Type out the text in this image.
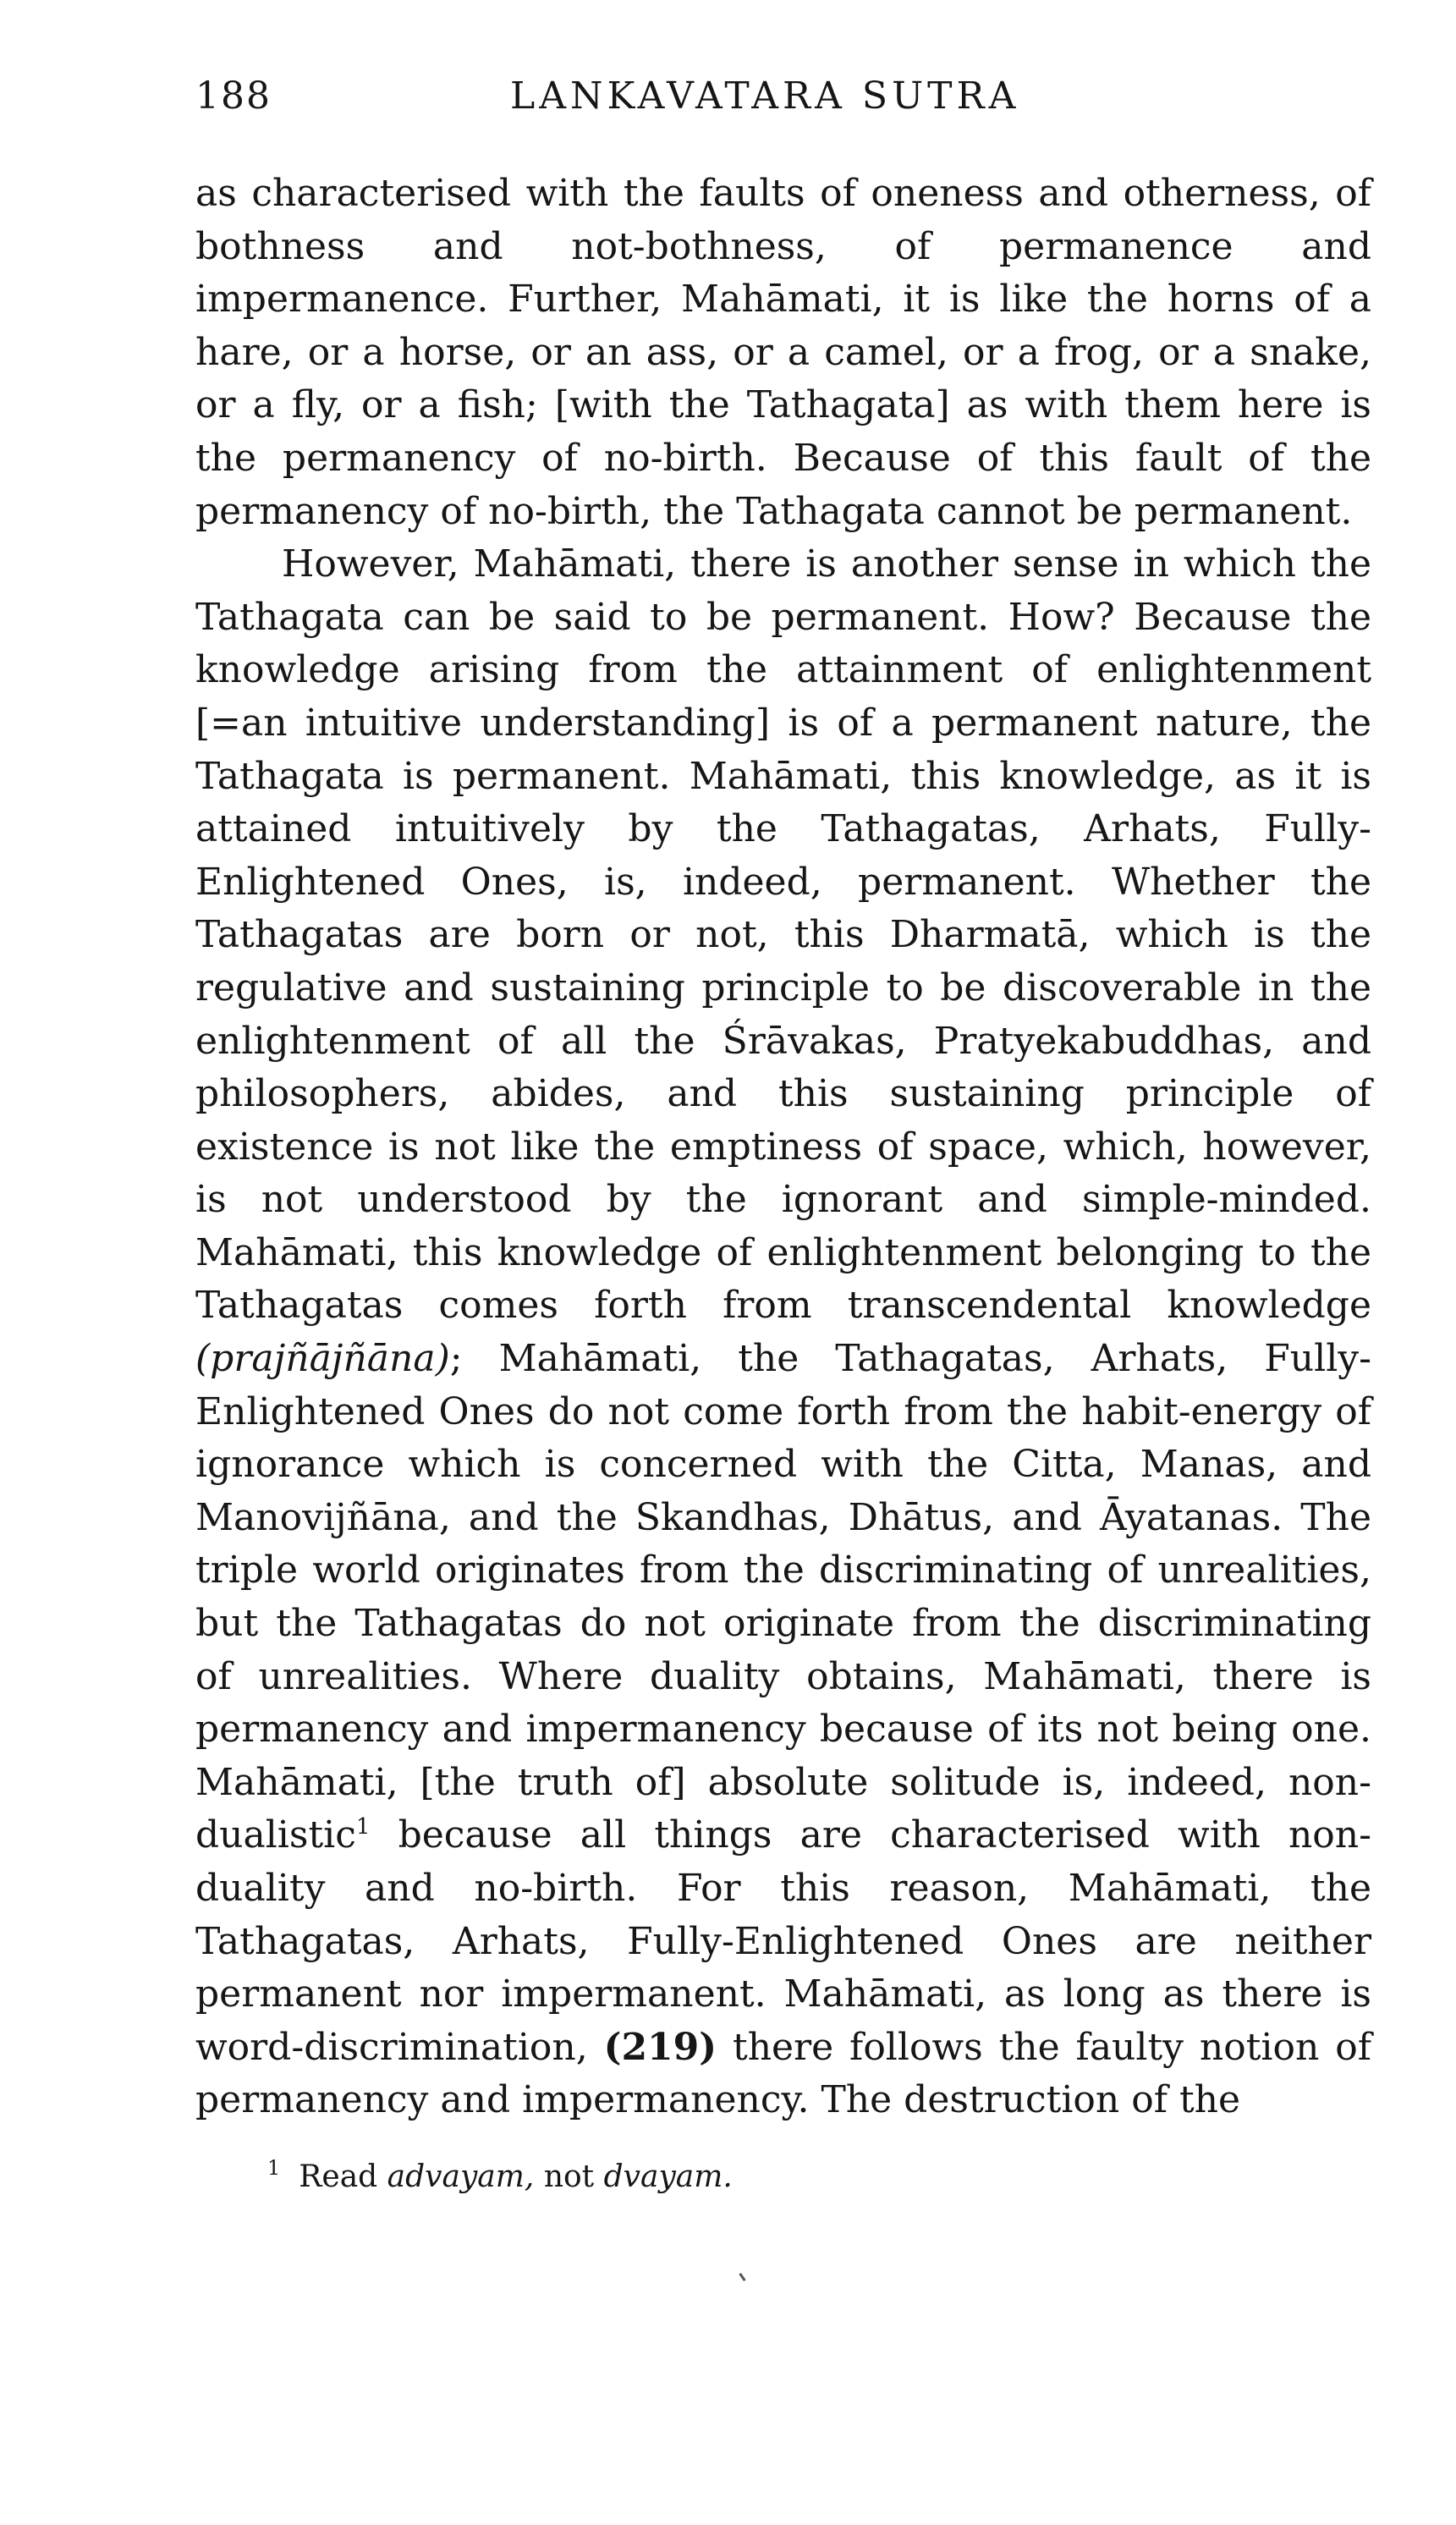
188	LANKAVATARA SUTRA

as characterised with the faults of oneness and otherness, of bothness and not-bothness, of permanence and impermanence. Further, Mahāmati, it is like the horns of a hare, or a horse, or an ass, or a camel, or a frog, or a snake, or a fly, or a fish; [with the Tathagata] as with them here is the permanency of no-birth. Because of this fault of the permanency of no-birth, the Tathagata cannot be permanent.

However, Mahāmati, there is another sense in which the Tathagata can be said to be permanent. How? Because the knowledge arising from the attainment of enlightenment [=an intuitive understanding] is of a permanent nature, the Tathagata is permanent. Mahāmati, this knowledge, as it is attained intuitively by the Tathagatas, Arhats, Fully-Enlightened Ones, is, indeed, permanent. Whether the Tathagatas are born or not, this Dharmatā, which is the regulative and sustaining principle to be discoverable in the enlightenment of all the Śrāvakas, Pratyekabuddhas, and philosophers, abides, and this sustaining principle of existence is not like the emptiness of space, which, however, is not understood by the ignorant and simple-minded. Mahāmati, this knowledge of enlightenment belonging to the Tathagatas comes forth from transcendental knowledge (prajñājñāna); Mahāmati, the Tathagatas, Arhats, Fully-Enlightened Ones do not come forth from the habit-energy of ignorance which is concerned with the Citta, Manas, and Manovijñāna, and the Skandhas, Dhātus, and Āyatanas. The triple world originates from the discriminating of unrealities, but the Tathagatas do not originate from the discriminating of unrealities. Where duality obtains, Mahāmati, there is permanency and impermanency because of its not being one. Mahāmati, [the truth of] absolute solitude is, indeed, non-dualistic$^1$ because all things are characterised with non-duality and no-birth. For this reason, Mahāmati, the Tathagatas, Arhats, Fully-Enlightened Ones are neither permanent nor impermanent. Mahāmati, as long as there is word-discrimination, (219) there follows the faulty notion of permanency and impermanency. The destruction of the

$^1$ Read advayam, not dvayam.
